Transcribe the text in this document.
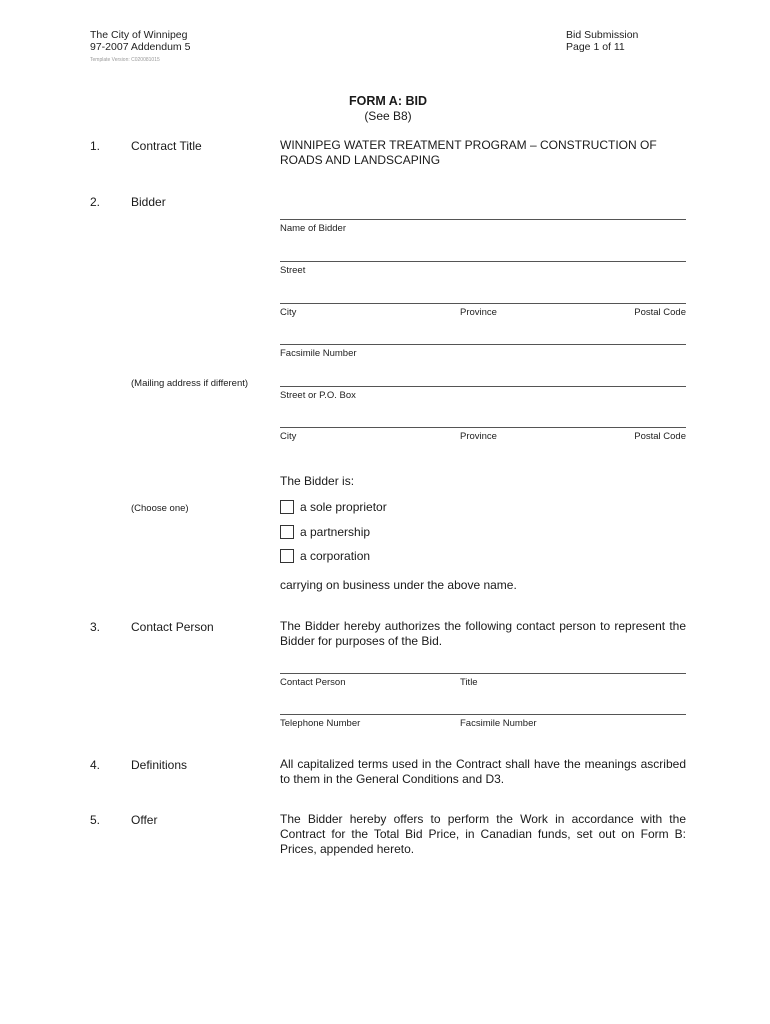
The City of Winnipeg
97-2007 Addendum 5
Template Version: C020081015
Bid Submission
Page 1 of 11
FORM A: BID
(See B8)
1.	Contract Title	WINNIPEG WATER TREATMENT PROGRAM – CONSTRUCTION OF ROADS AND LANDSCAPING
2.	Bidder
Name of Bidder
Street
City	Province	Postal Code
Facsimile Number
(Mailing address if different)
Street or P.O. Box
City	Province	Postal Code
The Bidder is:
(Choose one)	a sole proprietor
a partnership
a corporation
carrying on business under the above name.
3.	Contact Person	The Bidder hereby authorizes the following contact person to represent the Bidder for purposes of the Bid.
Contact Person	Title
Telephone Number	Facsimile Number
4.	Definitions	All capitalized terms used in the Contract shall have the meanings ascribed to them in the General Conditions and D3.
5.	Offer	The Bidder hereby offers to perform the Work in accordance with the Contract for the Total Bid Price, in Canadian funds, set out on Form B: Prices, appended hereto.
